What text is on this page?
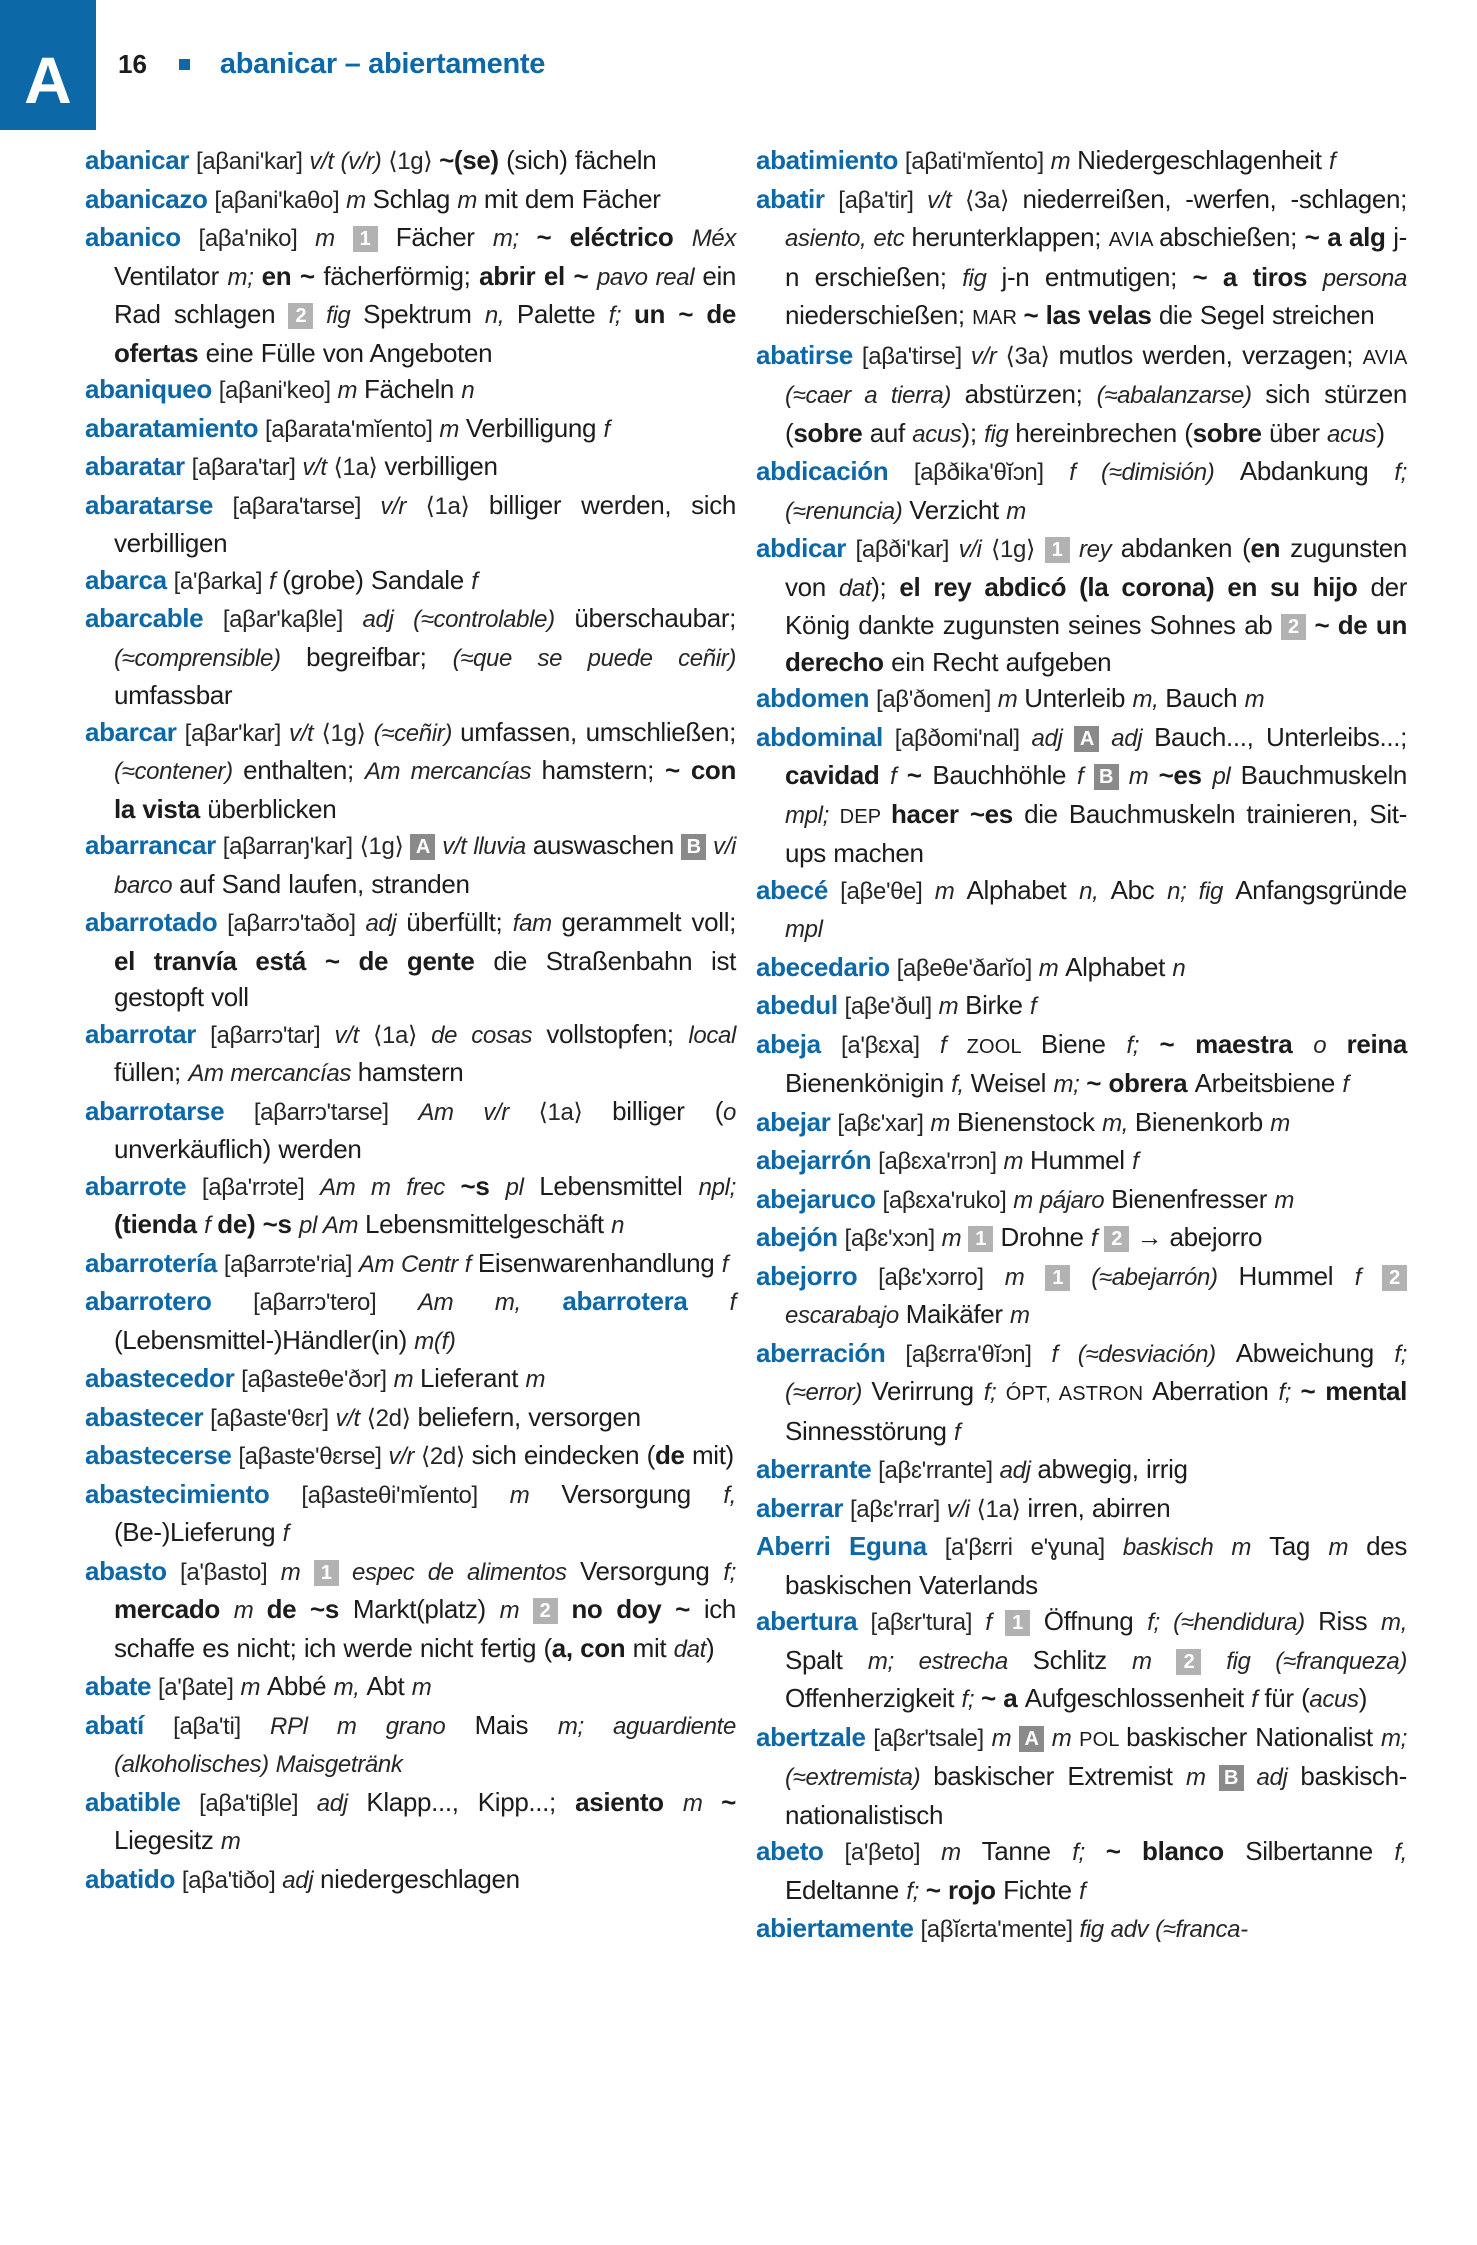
A 16	abanicar – abiertamente
abanicar [aβani'kar] v/t (v/r) ⟨1g⟩ ~(se) (sich) fächeln
abanicazo [aβani'kaθo] m Schlag m mit dem Fächer
abanico [aβa'niko] m 1 Fächer m; ~ eléctrico Méx Ventilator m; en ~ fächerförmig; abrir el ~ pavo real ein Rad schlagen 2 fig Spektrum n, Palette f; un ~ de ofertas eine Fülle von Angeboten
abaniqueo [aβani'keo] m Fächeln n
abaratamiento [aβarata'mĭento] m Verbilligung f
abaratar [aβara'tar] v/t ⟨1a⟩ verbilligen
abaratarse [aβara'tarse] v/r ⟨1a⟩ billiger werden, sich verbilligen
abarca [a'βarka] f (grobe) Sandale f
abarcable [aβar'kaβle] adj (≈controlable) überschaubar; (≈comprensible) begreifbar; (≈que se puede ceñir) umfassbar
abarcar [aβar'kar] v/t ⟨1g⟩ (≈ceñir) umfassen, umschließen; (≈contener) enthalten; Am mercancías hamstern; ~ con la vista überblicken
abarrancar [aβarraŋ'kar] ⟨1g⟩ A v/t lluvia auswaschen B v/i barco auf Sand laufen, stranden
abarrotado [aβarrɔ'taðo] adj überfüllt; fam gerammelt voll; el tranvía está ~ de gente die Straßenbahn ist gestopft voll
abarrotar [aβarrɔ'tar] v/t ⟨1a⟩ de cosas vollstopfen; local füllen; Am mercancías hamstern
abarrotarse [aβarrɔ'tarse] Am v/r ⟨1a⟩ billiger (o unverkäuflich) werden
abarrote [aβa'rrɔte] Am m frec ~s pl Lebensmittel npl; (tienda f de) ~s pl Am Lebensmittelgeschäft n
abarrotería [aβarrɔte'ria] Am Centr f Eisenwarenhandlung f
abarrotero [aβarrɔ'tero] Am m, abarrotera f (Lebensmittel-)Händler(in) m(f)
abastecedor [aβasteθe'ðɔr] m Lieferant m
abastecer [aβaste'θɛr] v/t ⟨2d⟩ beliefern, versorgen
abastecerse [aβaste'θɛrse] v/r ⟨2d⟩ sich eindecken (de mit)
abastecimiento [aβasteθi'mĭento] m Versorgung f, (Be-)Lieferung f
abasto [a'βasto] m 1 espec de alimentos Versorgung f; mercado m de ~s Markt(platz) m 2 no doy ~ ich schaffe es nicht; ich werde nicht fertig (a, con mit dat)
abate [a'βate] m Abbé m, Abt m
abatí [aβa'ti] RPl m grano Mais m; aguardiente (alkoholisches) Maisgetränk
abatible [aβa'tiβle] adj Klapp..., Kipp...; asiento m ~ Liegesitz m
abatido [aβa'tiðo] adj niedergeschlagen
abatimiento [aβati'mĭento] m Niedergeschlagenheit f
abatir [aβa'tir] v/t ⟨3a⟩ niederreißen, -werfen, -schlagen; asiento, etc herunterklappen; AVIA abschießen; ~ a alg j-n erschießen; fig j-n entmutigen; ~ a tiros persona niederschießen; MAR ~ las velas die Segel streichen
abatirse [aβa'tirse] v/r ⟨3a⟩ mutlos werden, verzagen; AVIA (≈caer a tierra) abstürzen; (≈abalanzarse) sich stürzen (sobre auf acus); fig hereinbrechen (sobre über acus)
abdicación [aβðika'θĭɔn] f (≈dimisión) Abdankung f; (≈renuncia) Verzicht m
abdicar [aβði'kar] v/i ⟨1g⟩ 1 rey abdanken (en zugunsten von dat); el rey abdicó (la corona) en su hijo der König dankte zugunsten seines Sohnes ab 2 ~ de un derecho ein Recht aufgeben
abdomen [aβ'ðomen] m Unterleib m, Bauch m
abdominal [aβðomi'nal] adj A adj Bauch..., Unterleibs...; cavidad f ~ Bauchhöhle f B m ~es pl Bauchmuskeln mpl; DEP hacer ~es die Bauchmuskeln trainieren, Sit-ups machen
abecé [aβe'θe] m Alphabet n, Abc n; fig Anfangsgründe mpl
abecedario [aβeθe'ðarĭo] m Alphabet n
abedul [aβe'ðul] m Birke f
abeja [a'βɛxa] f ZOOL Biene f; ~ maestra o reina Bienenkönigin f, Weisel m; ~ obrera Arbeitsbiene f
abejar [aβɛ'xar] m Bienenstock m, Bienenkorb m
abejarrón [aβɛxa'rrɔn] m Hummel f
abejaruco [aβɛxa'ruko] m pájaro Bienenfresser m
abejón [aβɛ'xɔn] m 1 Drohne f 2 → abejorro
abejorro [aβɛ'xɔrro] m 1 (≈abejarrón) Hummel f 2 escarabajo Maikäfer m
aberración [aβɛrra'θĭɔn] f (≈desviación) Abweichung f; (≈error) Verirrung f; ÓPT, ASTRON Aberration f; ~ mental Sinnesstörung f
aberrante [aβɛ'rrante] adj abwegig, irrig
aberrar [aβɛ'rrar] v/i ⟨1a⟩ irren, abirren
Aberri Eguna [a'βɛrri e'ɣuna] baskisch m Tag m des baskischen Vaterlands
abertura [aβɛr'tura] f 1 Öffnung f; (≈hendidura) Riss m, Spalt m; estrecha Schlitz m 2 fig (≈franqueza) Offenherzigkeit f; ~ a Aufgeschlossenheit f für (acus)
abertzale [aβɛr'tsale] m A m POL baskischer Nationalist m; (≈extremista) baskischer Extremist m B adj baskisch-nationalistisch
abeto [a'βeto] m Tanne f; ~ blanco Silbertanne f, Edeltanne f; ~ rojo Fichte f
abiertamente [aβĭɛrta'mente] fig adv (≈franca-
